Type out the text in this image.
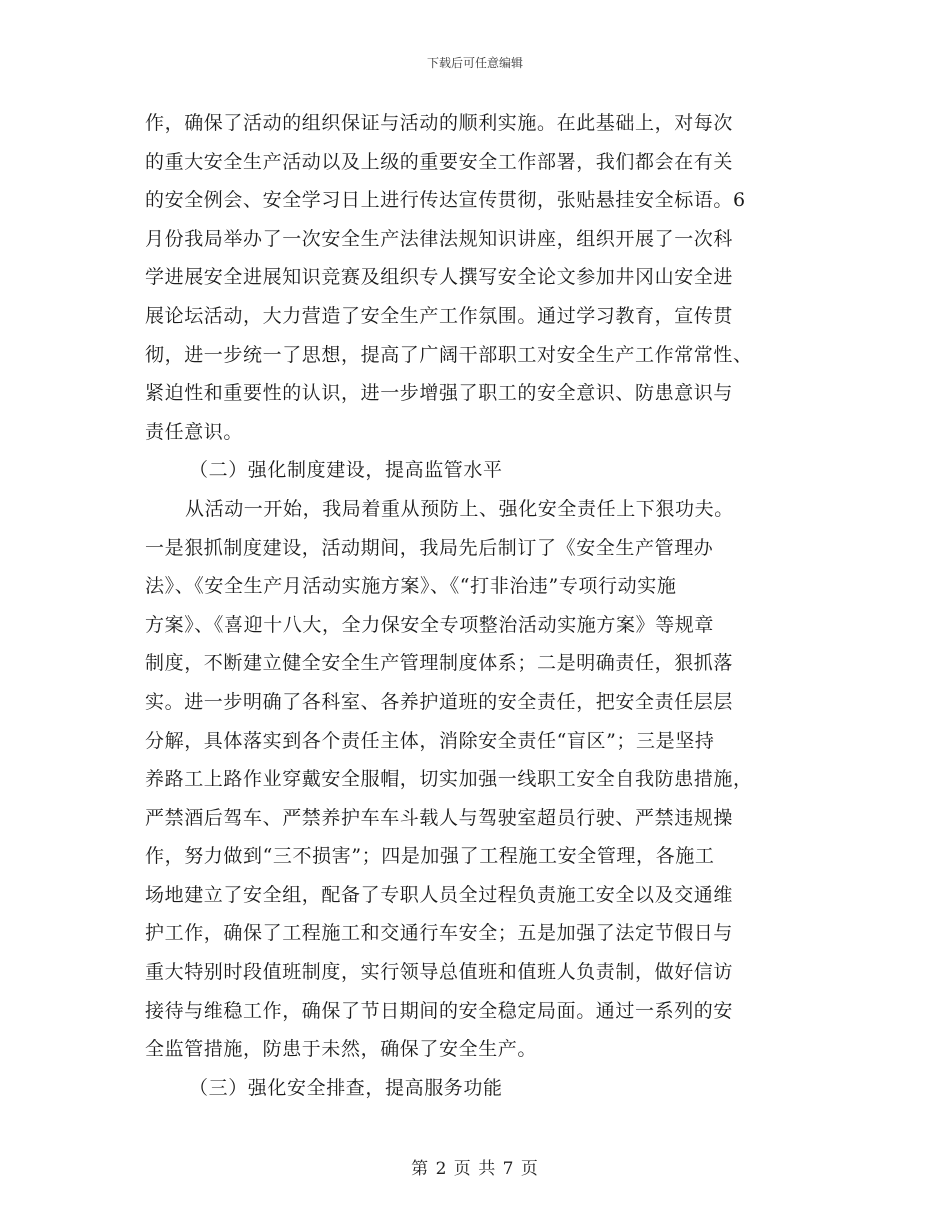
下载后可任意编辑
作，确保了活动的组织保证与活动的顺利实施。在此基础上，对每次
的重大安全生产活动以及上级的重要安全工作部署，我们都会在有关
的安全例会、安全学习日上进行传达宣传贯彻，张贴悬挂安全标语。6
月份我局举办了一次安全生产法律法规知识讲座，组织开展了一次科
学进展安全进展知识竞赛及组织专人撰写安全论文参加井冈山安全进
展论坛活动，大力营造了安全生产工作氛围。通过学习教育，宣传贯
彻，进一步统一了思想，提高了广阔干部职工对安全生产工作常常性、
紧迫性和重要性的认识，进一步增强了职工的安全意识、防患意识与
责任意识。
（二）强化制度建设，提高监管水平
从活动一开始，我局着重从预防上、强化安全责任上下狠功夫。
一是狠抓制度建设，活动期间，我局先后制订了《安全生产管理办
法》、《安全生产月活动实施方案》、《“打非治违”专项行动实施
方案》、《喜迎十八大，全力保安全专项整治活动实施方案》等规章
制度，不断建立健全安全生产管理制度体系；二是明确责任，狠抓落
实。进一步明确了各科室、各养护道班的安全责任，把安全责任层层
分解，具体落实到各个责任主体，消除安全责任“盲区”；三是坚持
养路工上路作业穿戴安全服帽，切实加强一线职工安全自我防患措施，
严禁酒后驾车、严禁养护车车斗载人与驾驶室超员行驶、严禁违规操
作，努力做到“三不损害”；四是加强了工程施工安全管理，各施工
场地建立了安全组，配备了专职人员全过程负责施工安全以及交通维
护工作，确保了工程施工和交通行车安全；五是加强了法定节假日与
重大特别时段值班制度，实行领导总值班和值班人负责制，做好信访
接待与维稳工作，确保了节日期间的安全稳定局面。通过一系列的安
全监管措施，防患于未然，确保了安全生产。
（三）强化安全排查，提高服务功能
第 2 页 共 7 页
